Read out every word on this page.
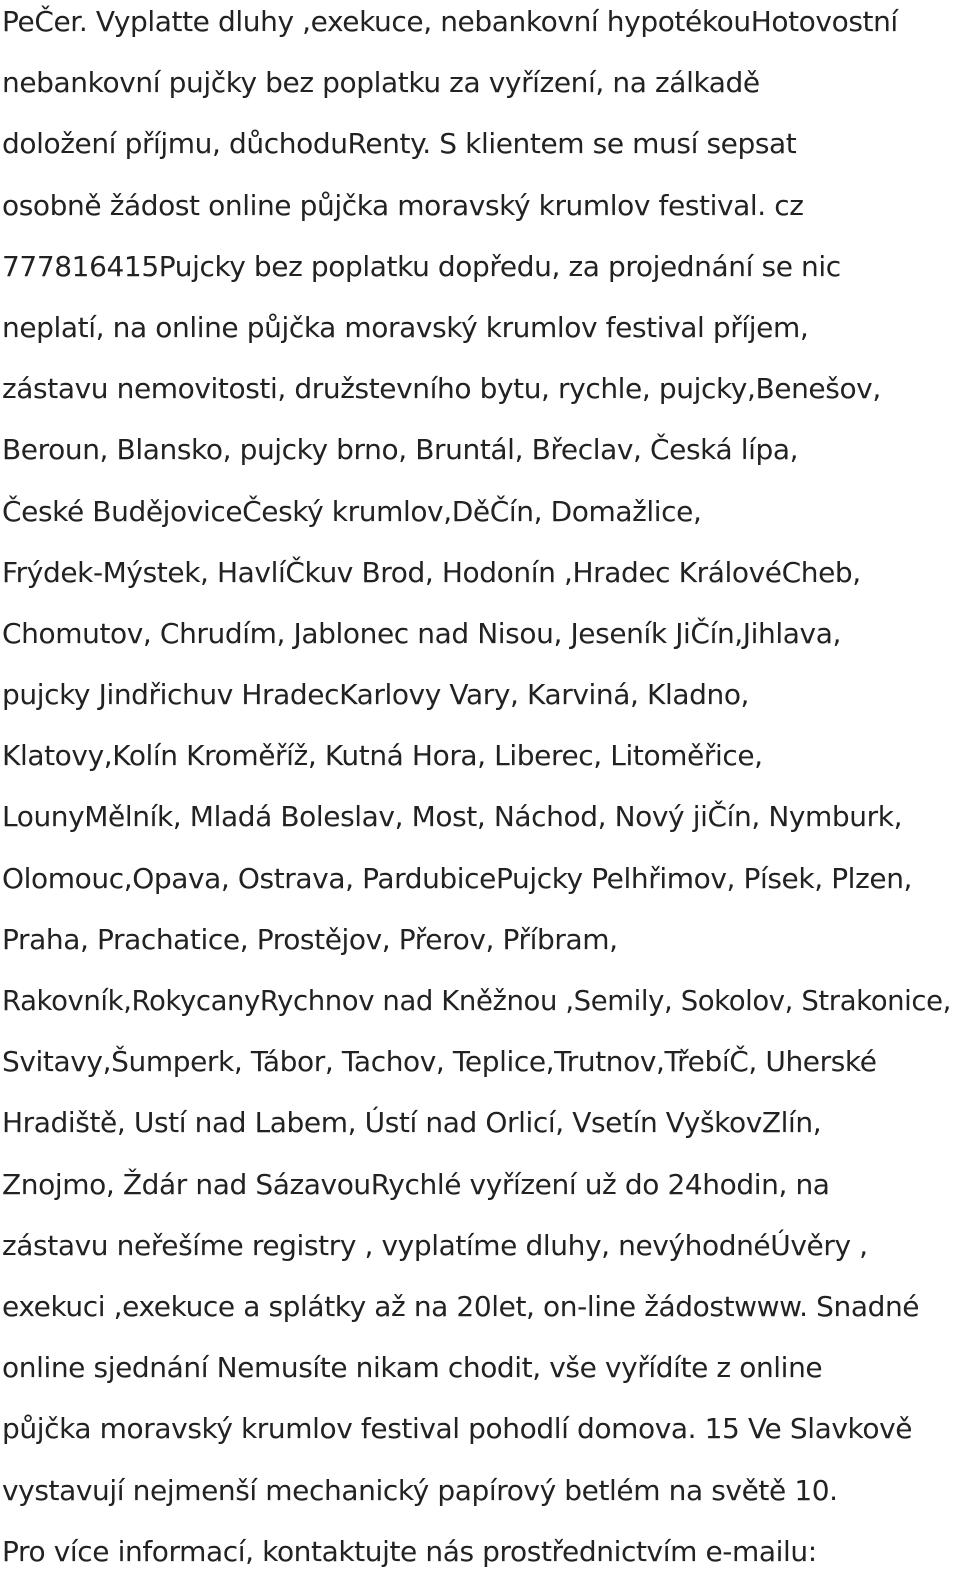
PeČer. Vyplatte dluhy ,exekuce, nebankovní hypotékouHotovostní
nebankovní pujčky bez poplatku za vyřízení, na zálkadě
doložení příjmu, důchoduRenty. S klientem se musí sepsat
osobně žádost online půjčka moravský krumlov festival. cz
777816415Pujcky bez poplatku dopředu, za projednání se nic
neplatí, na online půjčka moravský krumlov festival příjem,
zástavu nemovitosti, družstevního bytu, rychle, pujcky,Benešov,
Beroun, Blansko, pujcky brno, Bruntál, Břeclav, Česká lípa,
České BudějoviceČeský krumlov,DěČín, Domažlice,
Frýdek-Mýstek, HavlíČkuv Brod, Hodonín ,Hradec KrálovéCheb,
Chomutov, Chrudím, Jablonec nad Nisou, Jeseník JiČín,Jihlava,
pujcky Jindřichuv HradecKarlovy Vary, Karviná, Kladno,
Klatovy,Kolín Kroměříž, Kutná Hora, Liberec, Litoměřice,
LounyMělník, Mladá Boleslav, Most, Náchod, Nový jiČín, Nymburk,
Olomouc,Opava, Ostrava, PardubicePujcky Pelhřimov, Písek, Plzen,
Praha, Prachatice, Prostějov, Přerov, Příbram,
Rakovník,RokycanyRychnov nad Kněžnou ,Semily, Sokolov, Strakonice,
Svitavy,Šumperk, Tábor, Tachov, Teplice,Trutnov,TřebíČ, Uherské
Hradiště, Ustí nad Labem, Ústí nad Orlicí, Vsetín VyškovZlín,
Znojmo, Ždár nad SázavouRychlé vyřízení už do 24hodin, na
zástavu neřešíme registry , vyplatíme dluhy, nevýhodnéÚvěry ,
exekuci ,exekuce a splátky až na 20let, on-line žádostwww. Snadné
online sjednání Nemusíte nikam chodit, vše vyřídíte z online
půjčka moravský krumlov festival pohodlí domova. 15 Ve Slavkově
vystavují nejmenší mechanický papírový betlém na světě 10.
Pro více informací, kontaktujte nás prostřednictvím e-mailu:
